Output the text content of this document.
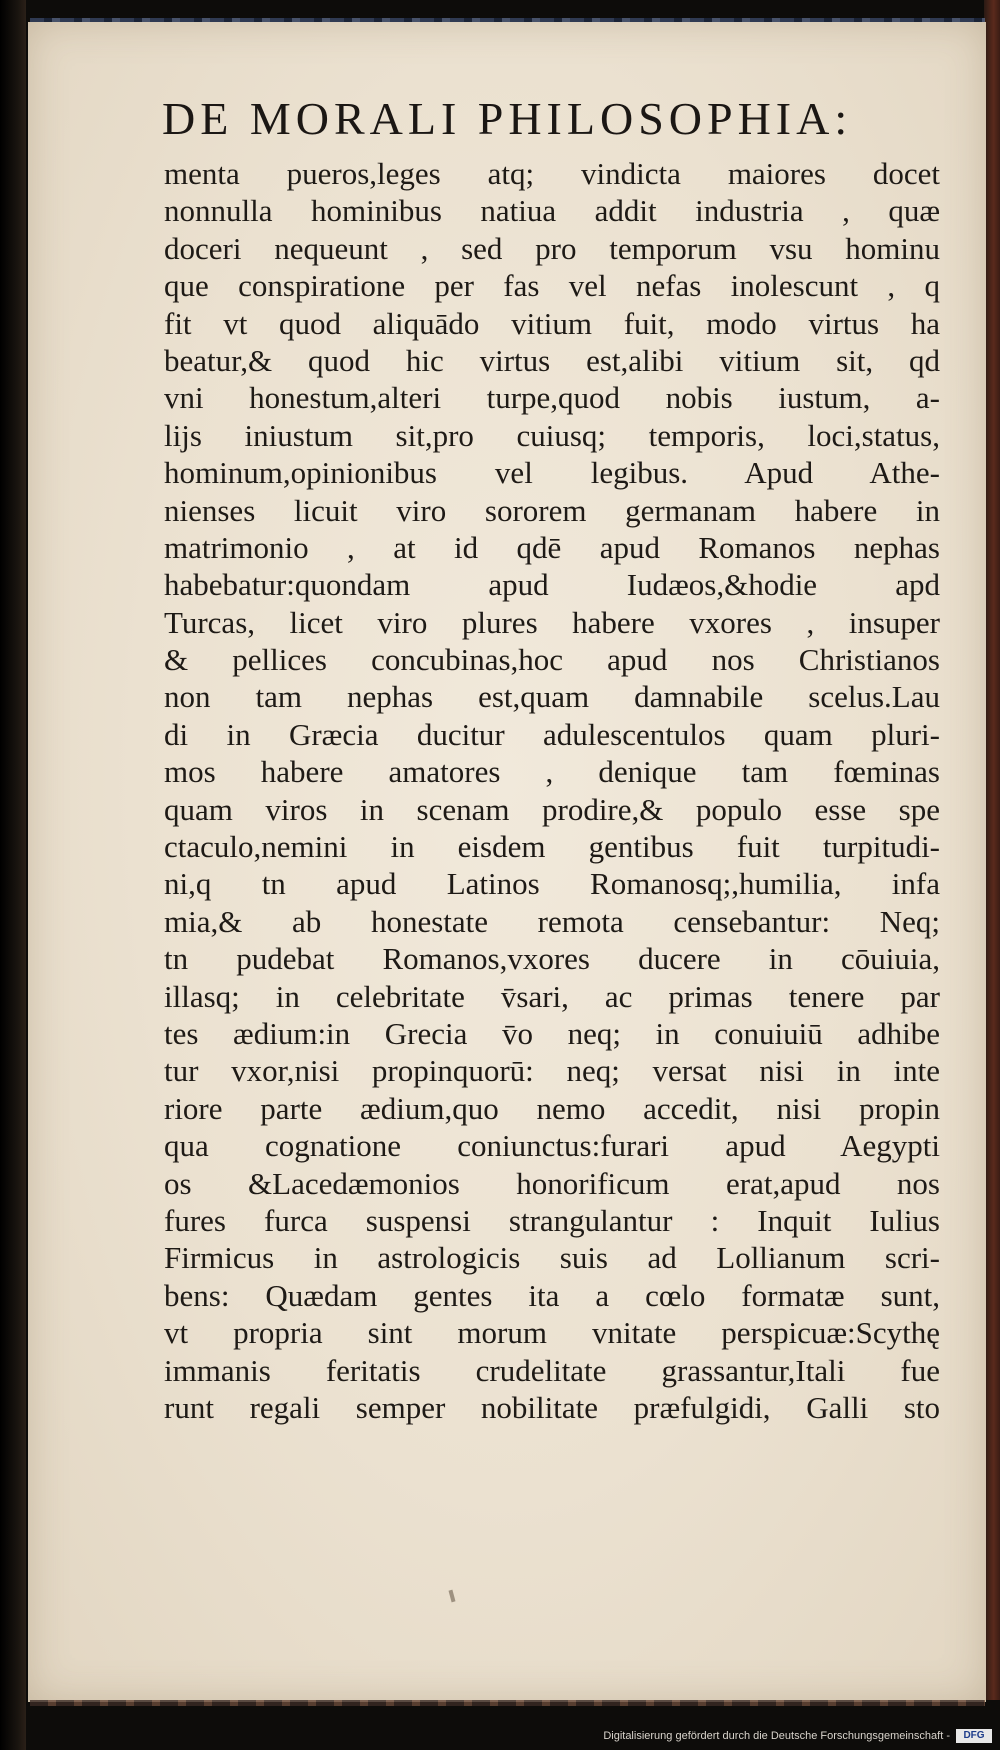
DE MORALI PHILOSOPHIA:
menta pueros,leges atq; vindicta maiores docet
nonnulla hominibus natiua addit industria , quæ
doceri nequeunt , sed pro temporum vsu hominu
que conspiratione per fas vel nefas inolescunt , q
fit vt quod aliquādo vitium fuit, modo virtus ha
beatur,& quod hic virtus est,alibi vitium sit, qd
vni honestum,alteri turpe,quod nobis iustum, a-
lijs iniustum sit,pro cuiusq; temporis, loci,status,
hominum,opinionibus vel legibus. Apud Athe-
nienses licuit viro sororem germanam habere in
matrimonio , at id qdē apud Romanos nephas
habebatur:quondam apud Iudæos,&hodie apd
Turcas, licet viro plures habere vxores , insuper
& pellices concubinas,hoc apud nos Christianos
non tam nephas est,quam damnabile scelus.Lau
di in Græcia ducitur adulescentulos quam pluri-
mos habere amatores , denique tam fœminas
quam viros in scenam prodire,& populo esse spe
ctaculo,nemini in eisdem gentibus fuit turpitudi-
ni,q tn apud Latinos Romanosq;,humilia, infa
mia,& ab honestate remota censebantur: Neq;
tn pudebat Romanos,vxores ducere in cōuiuia,
illasq; in celebritate v̄sari, ac primas tenere par
tes ædium:in Grecia v̄o neq; in conuiuiū adhibe
tur vxor,nisi propinquorū: neq; versat nisi in inte
riore parte ædium,quo nemo accedit, nisi propin
qua cognatione coniunctus:furari apud Aegypti
os &Lacedæmonios honorificum erat,apud nos
fures furca suspensi strangulantur : Inquit Iulius
Firmicus in astrologicis suis ad Lollianum scri-
bens: Quædam gentes ita a cœlo formatæ sunt,
vt propria sint morum vnitate perspicuæ:Scythę
immanis feritatis crudelitate grassantur,Itali fue
runt regali semper nobilitate præfulgidi, Galli sto
Digitalisierung gefördert durch die Deutsche Forschungsgemeinschaft -	DFG
